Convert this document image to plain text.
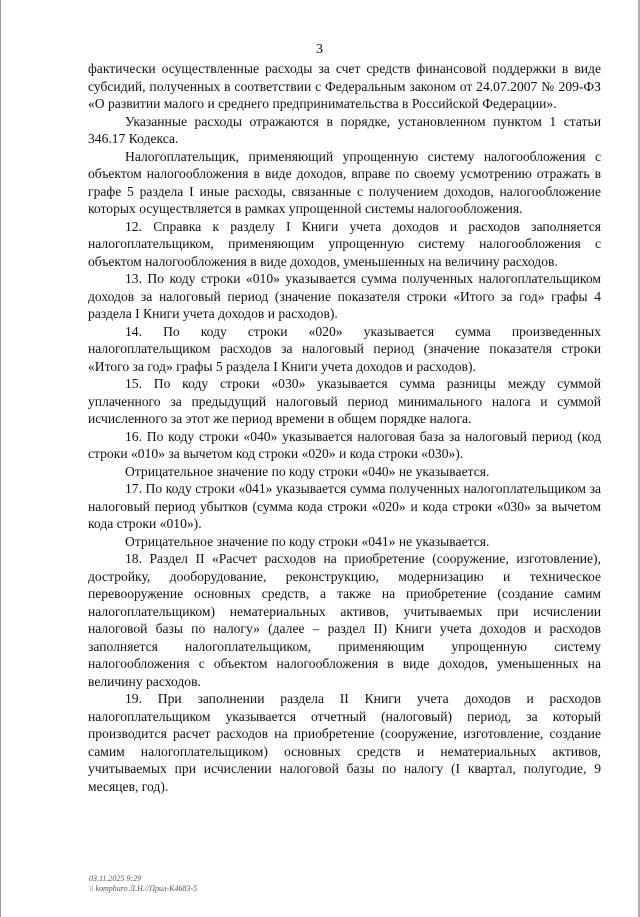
3

фактически осуществленные расходы за счет средств финансовой поддержки в виде субсидий, полученных в соответствии с Федеральным законом от 24.07.2007 № 209-ФЗ «О развитии малого и среднего предпринимательства в Российской Федерации».

Указанные расходы отражаются в порядке, установленном пунктом 1 статьи 346.17 Кодекса.

Налогоплательщик, применяющий упрощенную систему налогообложения с объектом налогообложения в виде доходов, вправе по своему усмотрению отражать в графе 5 раздела I иные расходы, связанные с получением доходов, налогообложение которых осуществляется в рамках упрощенной системы налогообложения.

12. Справка к разделу I Книги учета доходов и расходов заполняется налогоплательщиком, применяющим упрощенную систему налогообложения с объектом налогообложения в виде доходов, уменьшенных на величину расходов.

13. По коду строки «010» указывается сумма полученных налогоплательщиком доходов за налоговый период (значение показателя строки «Итого за год» графы 4 раздела I Книги учета доходов и расходов).

14. По коду строки «020» указывается сумма произведенных налогоплательщиком расходов за налоговый период (значение показателя строки «Итого за год» графы 5 раздела I Книги учета доходов и расходов).

15. По коду строки «030» указывается сумма разницы между суммой уплаченного за предыдущий налоговый период минимального налога и суммой исчисленного за этот же период времени в общем порядке налога.

16. По коду строки «040» указывается налоговая база за налоговый период (код строки «010» за вычетом код строки «020» и кода строки «030»).

Отрицательное значение по коду строки «040» не указывается.

17. По коду строки «041» указывается сумма полученных налогоплательщиком за налоговый период убытков (сумма кода строки «020» и кода строки «030» за вычетом кода строки «010»).

Отрицательное значение по коду строки «041» не указывается.

18. Раздел II «Расчет расходов на приобретение (сооружение, изготовление), достройку, дооборудование, реконструкцию, модернизацию и техническое перевооружение основных средств, а также на приобретение (создание самим налогоплательщиком) нематериальных активов, учитываемых при исчислении налоговой базы по налогу» (далее – раздел II) Книги учета доходов и расходов заполняется налогоплательщиком, применяющим упрощенную систему налогообложения с объектом налогообложения в виде доходов, уменьшенных на величину расходов.

19. При заполнении раздела II Книги учета доходов и расходов налогоплательщиком указывается отчетный (налоговый) период, за который производится расчет расходов на приобретение (сооружение, изготовление, создание самим налогоплательщиком) основных средств и нематериальных активов, учитываемых при исчислении налоговой базы по налогу (I квартал, полугодие, 9 месяцев, год).

03.11.2025 9:29
\\ komphuro Л.Н.//Прил-К4683-5
